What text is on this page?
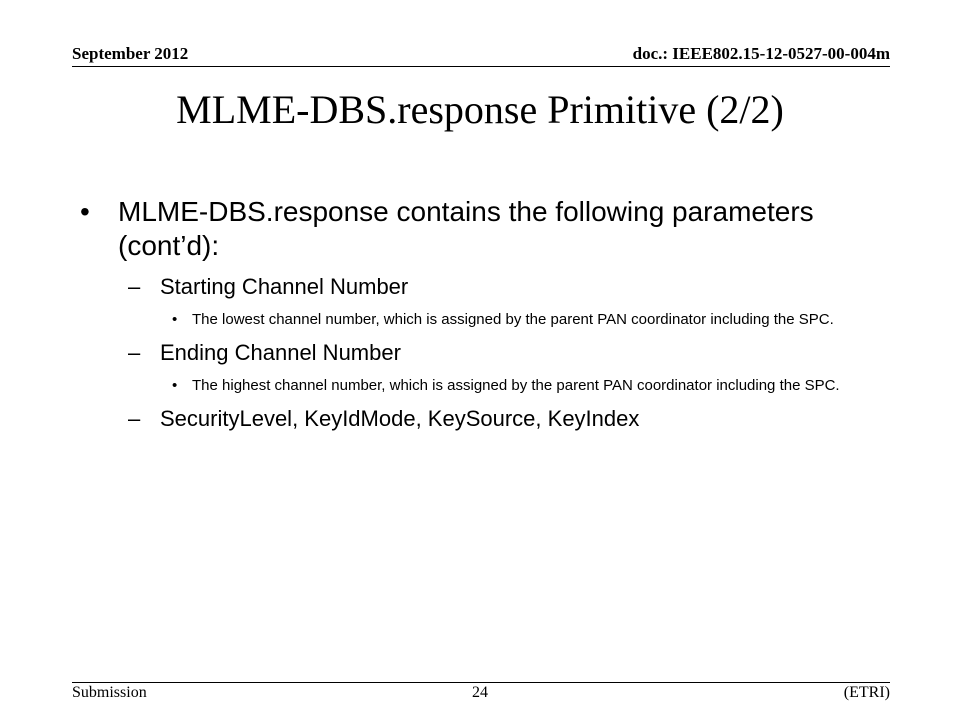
September 2012	doc.: IEEE802.15-12-0527-00-004m
MLME-DBS.response Primitive (2/2)
• MLME-DBS.response contains the following parameters (cont’d):
– Starting Channel Number
• The lowest channel number, which is assigned by the parent PAN coordinator including the SPC.
– Ending Channel Number
• The highest channel number, which is assigned by the parent PAN coordinator including the SPC.
– SecurityLevel, KeyIdMode, KeySource, KeyIndex
Submission	24	(ETRI)
